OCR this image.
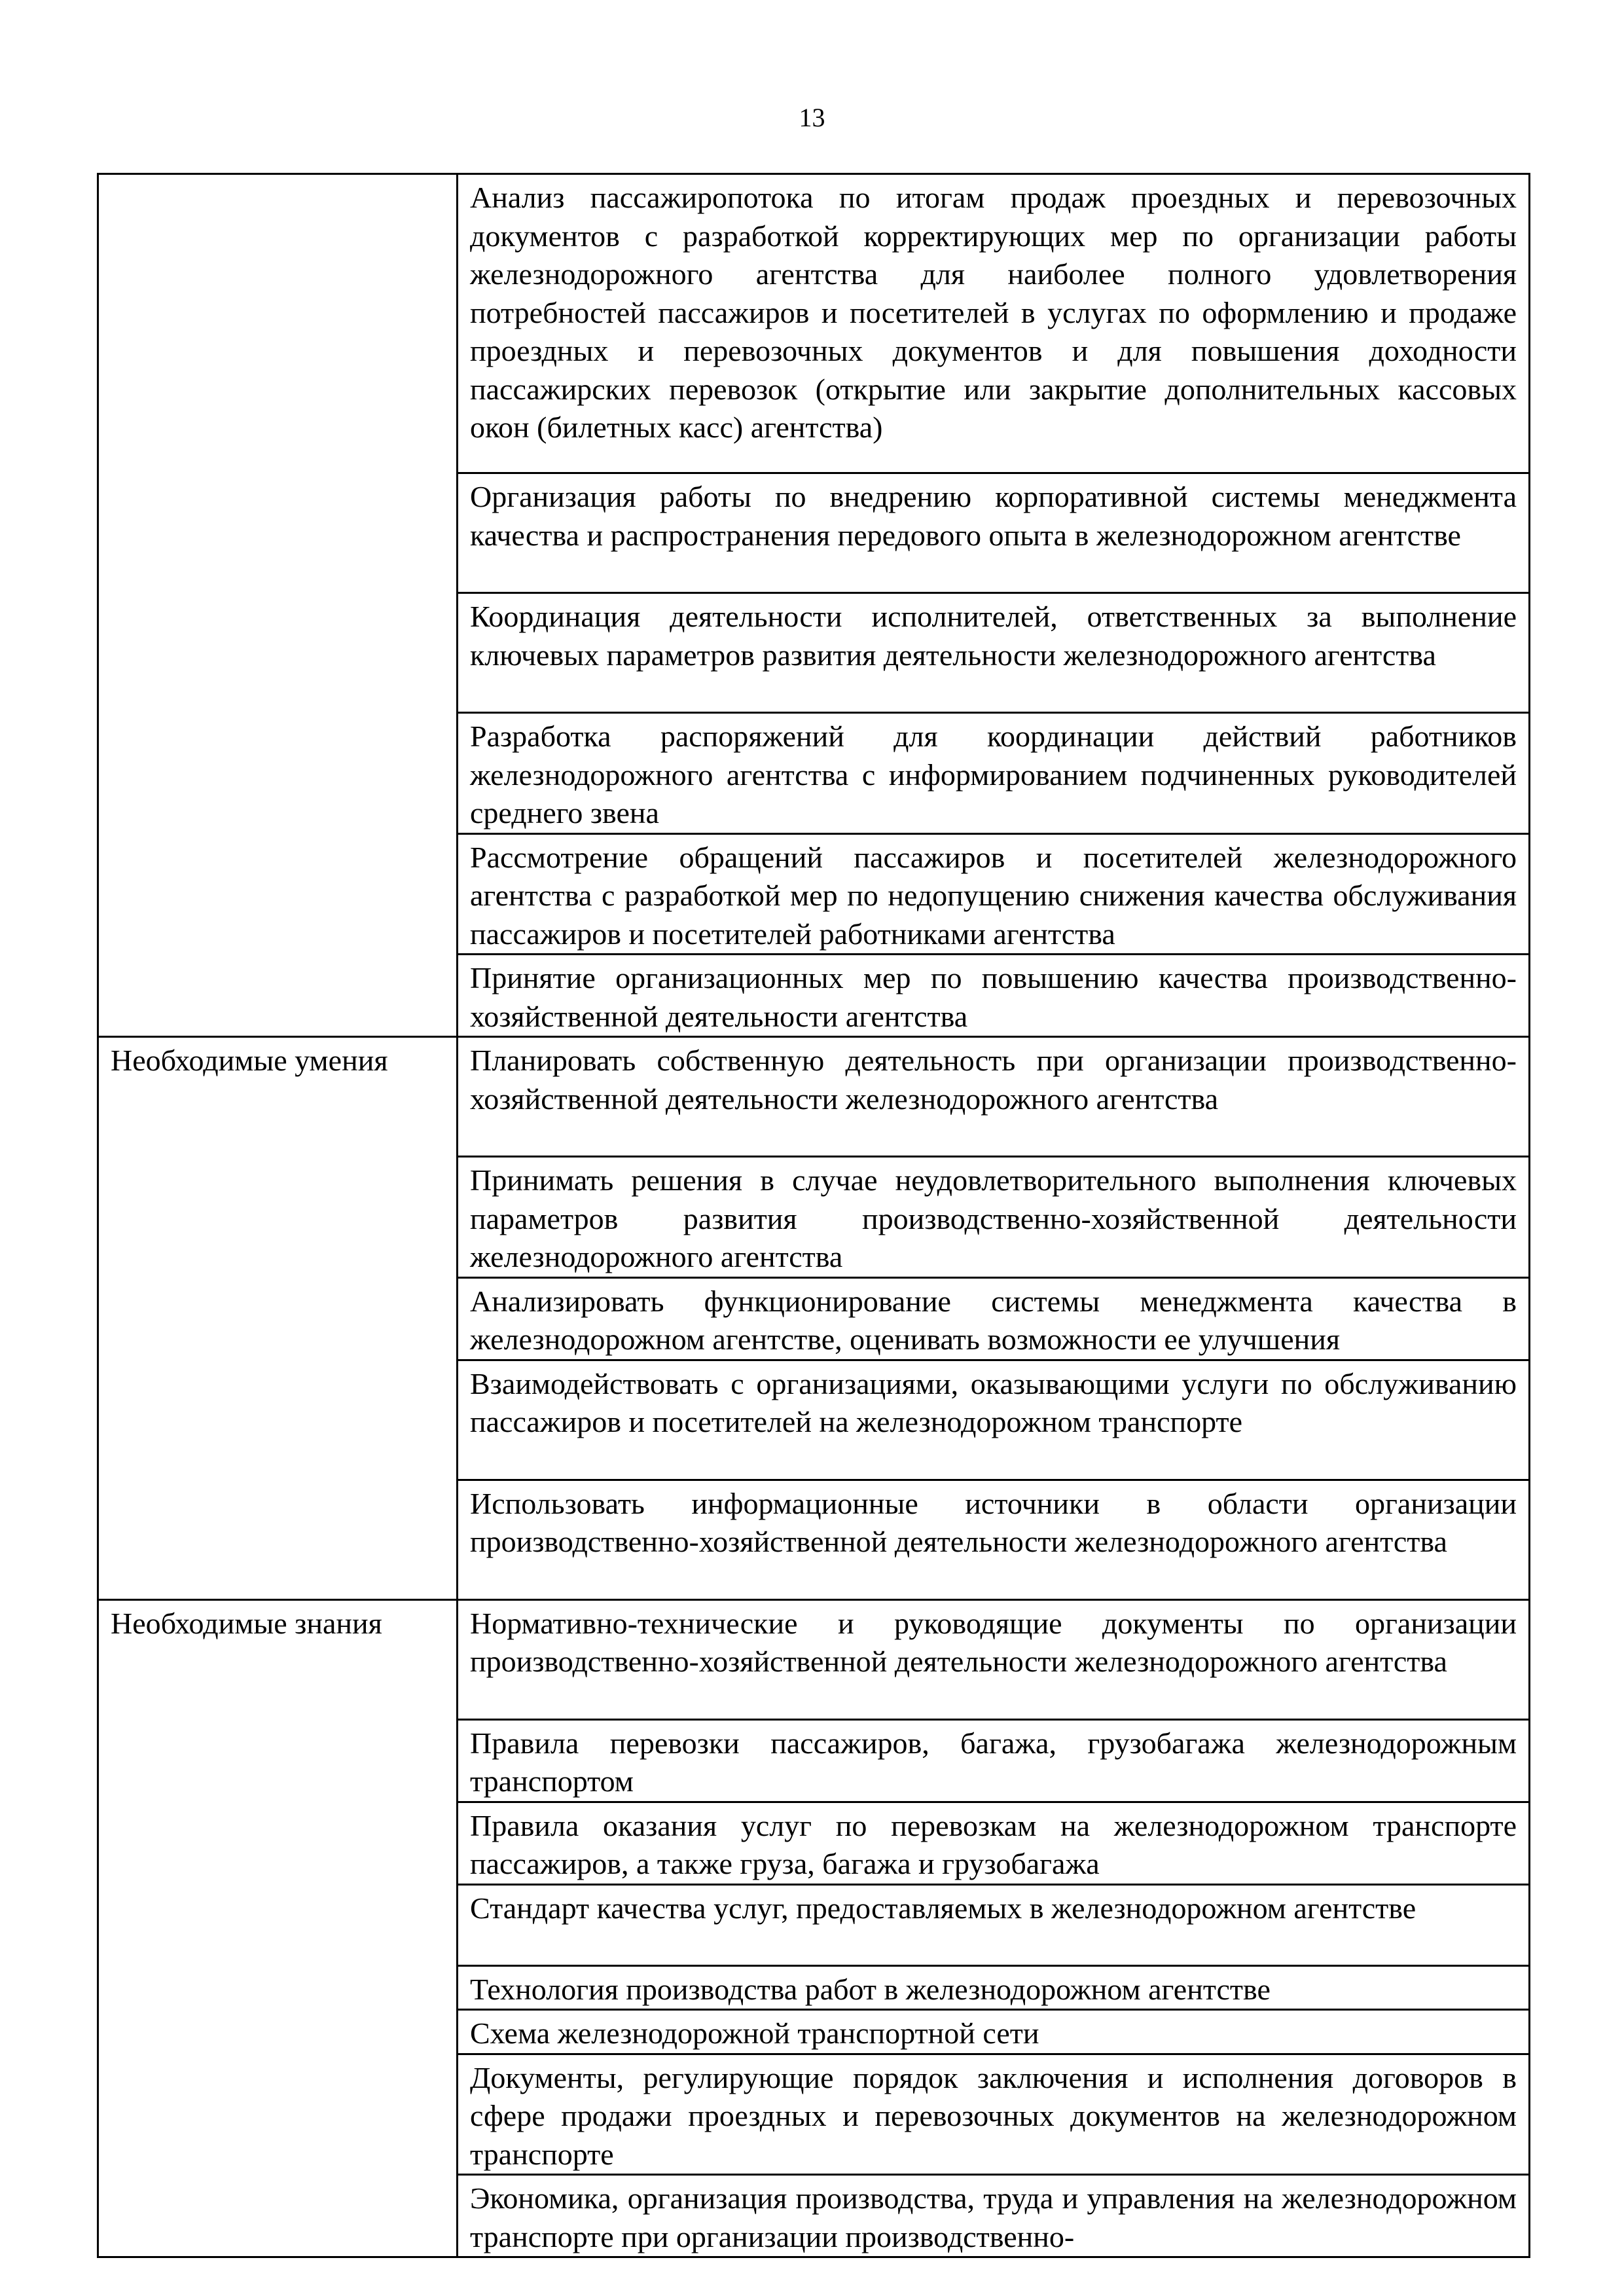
13
	Анализ пассажиропотока по итогам продаж проездных и перевозочных документов с разработкой корректирующих мер по организации работы железнодорожного агентства для наиболее полного удовлетворения потребностей пассажиров и посетителей в услугах по оформлению и продаже проездных и перевозочных документов и для повышения доходности пассажирских перевозок (открытие или закрытие дополнительных кассовых окон (билетных касс) агентства)
	Организация работы по внедрению корпоративной системы менеджмента качества и распространения передового опыта в железнодорожном агентстве
	Координация деятельности исполнителей, ответственных за выполнение ключевых параметров развития деятельности железнодорожного агентства
	Разработка распоряжений для координации действий работников железнодорожного агентства с информированием подчиненных руководителей среднего звена
	Рассмотрение обращений пассажиров и посетителей железнодорожного агентства с разработкой мер по недопущению снижения качества обслуживания пассажиров и посетителей работниками агентства
	Принятие организационных мер по повышению качества производственно-хозяйственной деятельности агентства
Необходимые умения	Планировать собственную деятельность при организации производственно-хозяйственной деятельности железнодорожного агентства
	Принимать решения в случае неудовлетворительного выполнения ключевых параметров развития производственно-хозяйственной деятельности железнодорожного агентства
	Анализировать функционирование системы менеджмента качества в железнодорожном агентстве, оценивать возможности ее улучшения
	Взаимодействовать с организациями, оказывающими услуги по обслуживанию пассажиров и посетителей на железнодорожном транспорте
	Использовать информационные источники в области организации производственно-хозяйственной деятельности железнодорожного агентства
Необходимые знания	Нормативно-технические и руководящие документы по организации производственно-хозяйственной деятельности железнодорожного агентства
	Правила перевозки пассажиров, багажа, грузобагажа железнодорожным транспортом
	Правила оказания услуг по перевозкам на железнодорожном транспорте пассажиров, а также груза, багажа и грузобагажа
	Стандарт качества услуг, предоставляемых в железнодорожном агентстве
	Технология производства работ в железнодорожном агентстве
	Схема железнодорожной транспортной сети
	Документы, регулирующие порядок заключения и исполнения договоров в сфере продажи проездных и перевозочных документов на железнодорожном транспорте
	Экономика, организация производства, труда и управления на железнодорожном транспорте при организации производственно-
